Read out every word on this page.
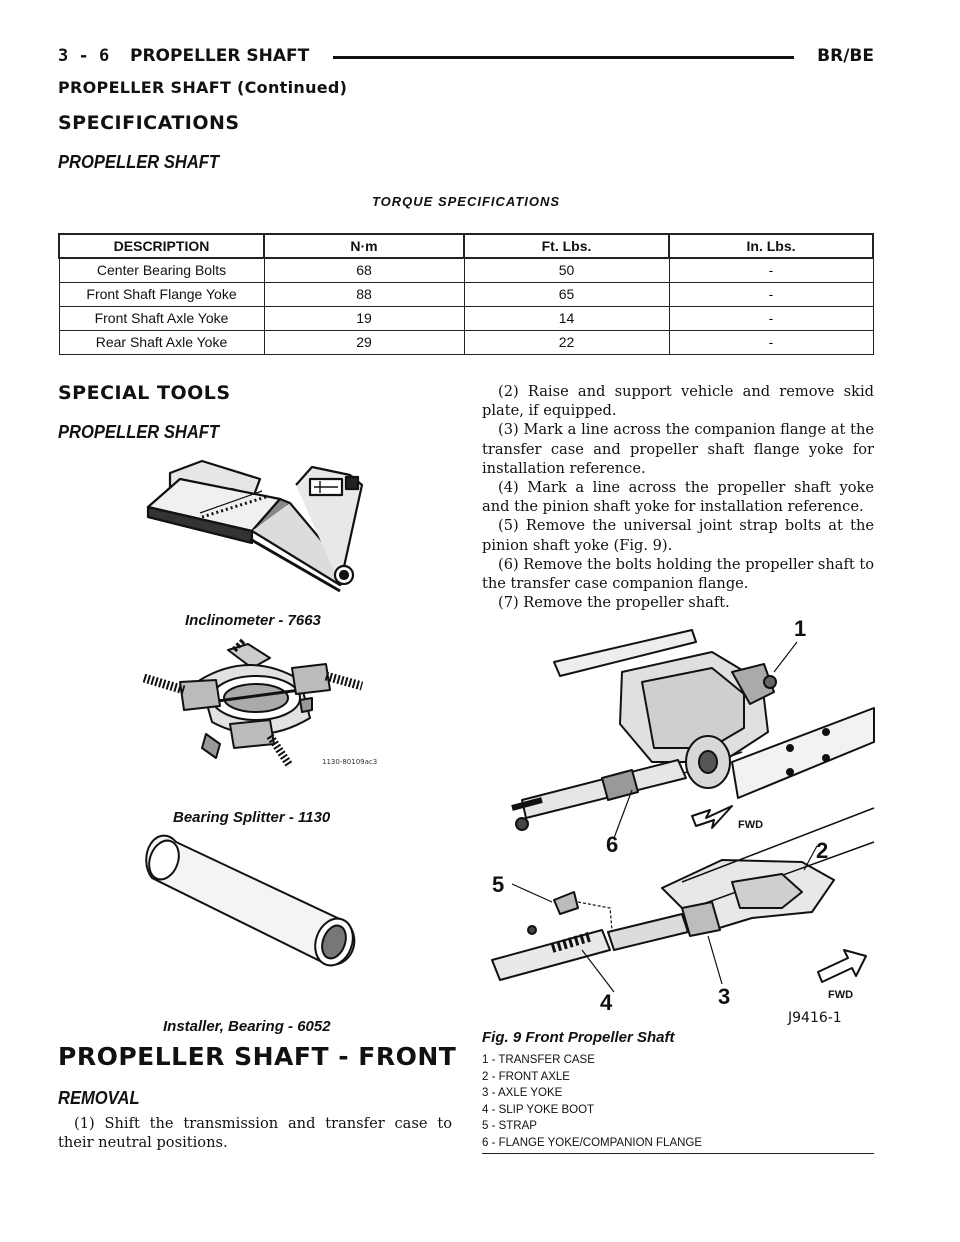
3 - 6 PROPELLER SHAFT	BR/BE
PROPELLER SHAFT (Continued)
SPECIFICATIONS
PROPELLER SHAFT
TORQUE SPECIFICATIONS
DESCRIPTION	N·m	Ft. Lbs.	In. Lbs.
Center Bearing Bolts	68	50	-
Front Shaft Flange Yoke	88	65	-
Front Shaft Axle Yoke	19	14	-
Rear Shaft Axle Yoke	29	22	-
SPECIAL TOOLS
PROPELLER SHAFT
Inclinometer - 7663
1130-80109ac3
Bearing Splitter - 1130
Installer, Bearing - 6052
PROPELLER SHAFT - FRONT
REMOVAL

(1) Shift the transmission and transfer case to their neutral positions.

(2) Raise and support vehicle and remove skid plate, if equipped.

(3) Mark a line across the companion flange at the transfer case and propeller shaft flange yoke for installation reference.

(4) Mark a line across the propeller shaft yoke and the pinion shaft yoke for installation reference.

(5) Remove the universal joint strap bolts at the pinion shaft yoke (Fig. 9).

(6) Remove the bolts holding the propeller shaft to the transfer case companion flange.

(7) Remove the propeller shaft.

1
2
3
4
5
6
FWD
FWD
J9416-1
Fig. 9 Front Propeller Shaft
1 - TRANSFER CASE
2 - FRONT AXLE
3 - AXLE YOKE
4 - SLIP YOKE BOOT
5 - STRAP
6 - FLANGE YOKE/COMPANION FLANGE
